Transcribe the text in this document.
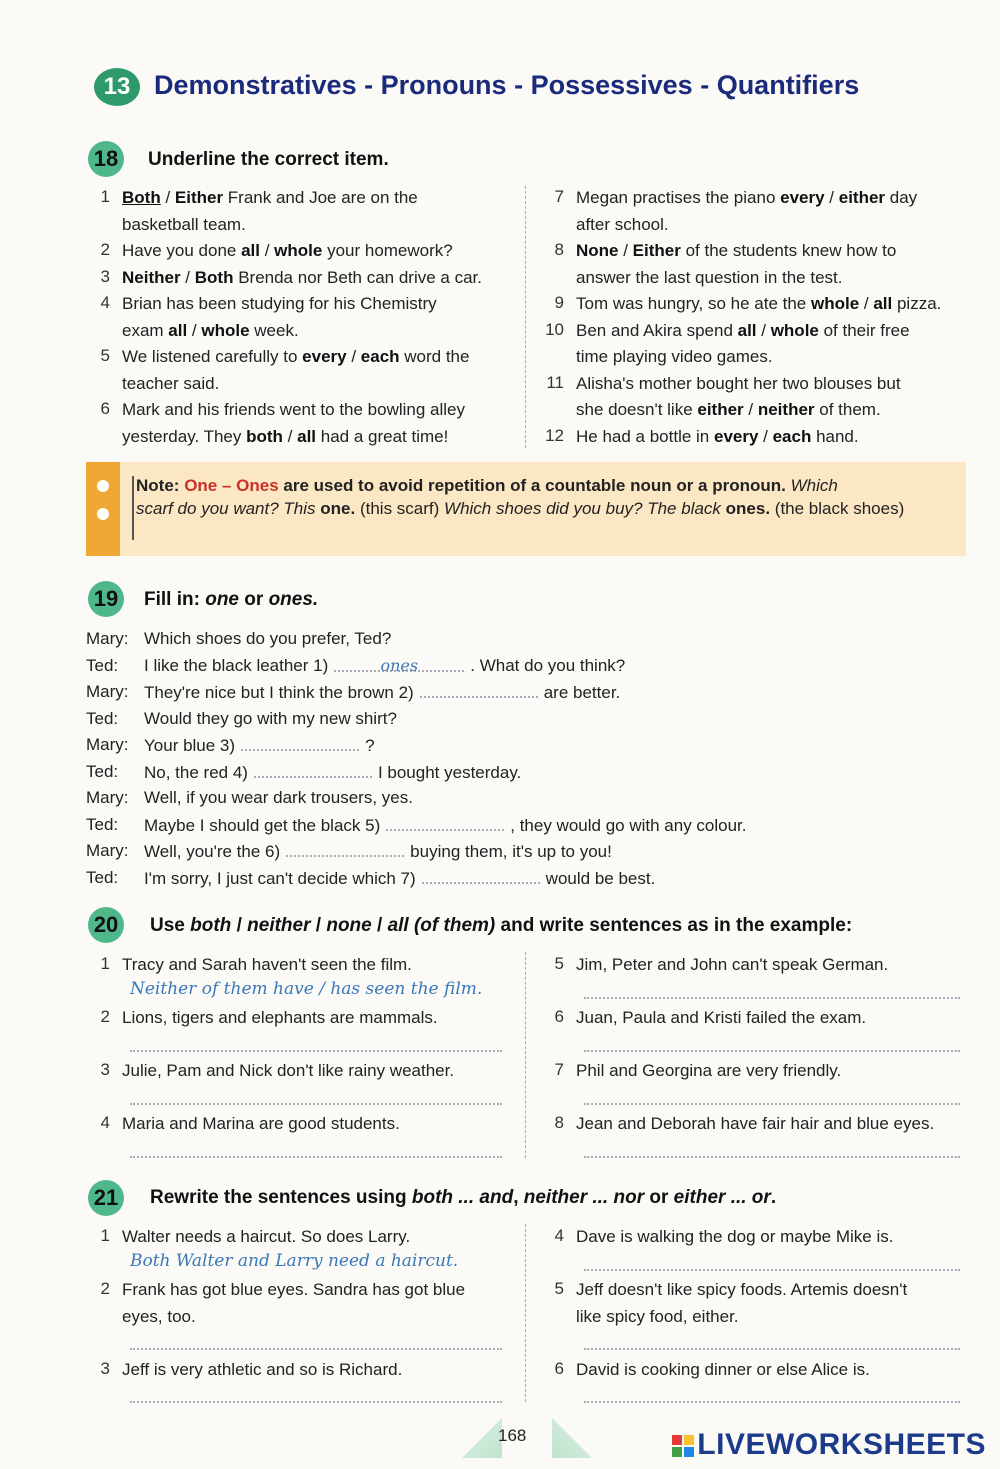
13 Demonstratives - Pronouns - Possessives - Quantifiers
18	Underline the correct item.
1 Both / Either Frank and Joe are on the
basketball team.
2 Have you done all / whole your homework?
3 Neither / Both Brenda nor Beth can drive a car.
4 Brian has been studying for his Chemistry
exam all / whole week.
5 We listened carefully to every / each word the
teacher said.
6 Mark and his friends went to the bowling alley
yesterday. They both / all had a great time!
7 Megan practises the piano every / either day
after school.
8 None / Either of the students knew how to
answer the last question in the test.
9 Tom was hungry, so he ate the whole / all pizza.
10 Ben and Akira spend all / whole of their free
time playing video games.
11 Alisha's mother bought her two blouses but
she doesn't like either / neither of them.
12 He had a bottle in every / each hand.
Note: One – Ones are used to avoid repetition of a countable noun or a pronoun. Which
scarf do you want? This one. (this scarf) Which shoes did you buy? The black ones. (the black shoes)
19	Fill in: one or ones.
Mary: Which shoes do you prefer, Ted?
Ted: I like the black leather 1)	ones	. What do you think?
Mary: They're nice but I think the brown 2)	are better.
Ted: Would they go with my new shirt?
Mary: Your blue 3)	?
Ted: No, the red 4)	I bought yesterday.
Mary: Well, if you wear dark trousers, yes.
Ted: Maybe I should get the black 5)	, they would go with any colour.
Mary: Well, you're the 6)	buying them, it's up to you!
Ted: I'm sorry, I just can't decide which 7)	would be best.
20	Use both / neither / none / all (of them) and write sentences as in the example:
1 Tracy and Sarah haven't seen the film.
Neither of them have / has seen the film.
2 Lions, tigers and elephants are mammals.
3 Julie, Pam and Nick don't like rainy weather.
4 Maria and Marina are good students.
5 Jim, Peter and John can't speak German.
6 Juan, Paula and Kristi failed the exam.
7 Phil and Georgina are very friendly.
8 Jean and Deborah have fair hair and blue eyes.
21	Rewrite the sentences using both ... and, neither ... nor or either ... or.
1 Walter needs a haircut. So does Larry.
Both Walter and Larry need a haircut.
2 Frank has got blue eyes. Sandra has got blue
eyes, too.
3 Jeff is very athletic and so is Richard.
4 Dave is walking the dog or maybe Mike is.
5 Jeff doesn't like spicy foods. Artemis doesn't
like spicy food, either.
6 David is cooking dinner or else Alice is.
168	LIVEWORKSHEETS
